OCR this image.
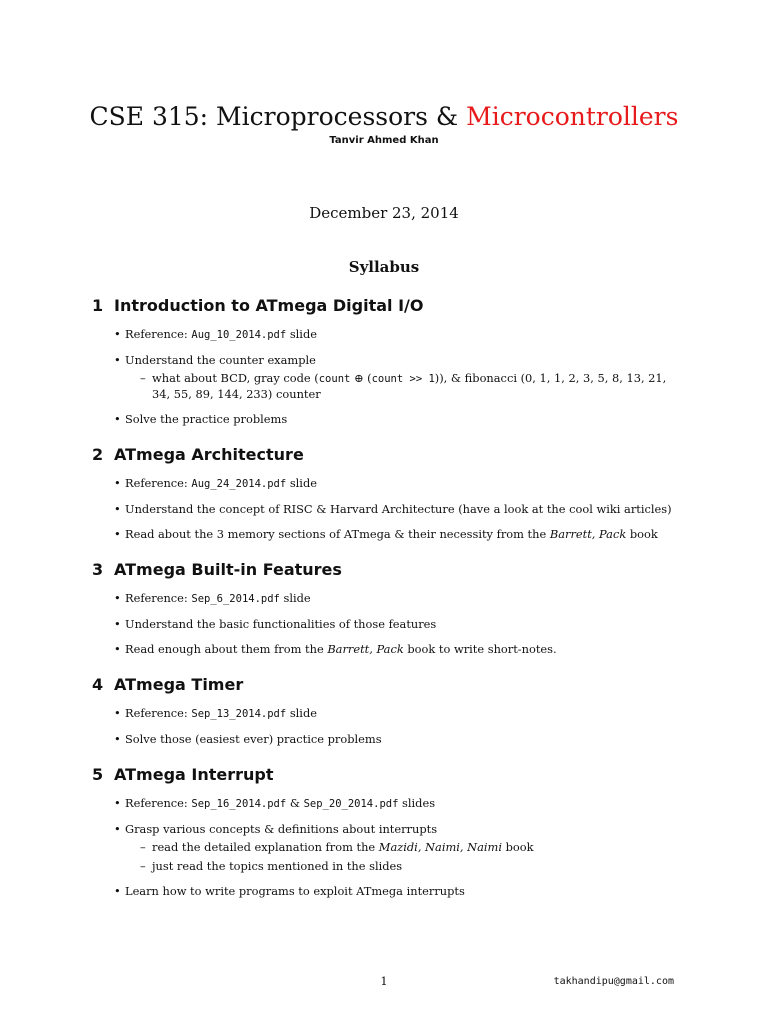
CSE 315: Microprocessors & Microcontrollers
Tanvir Ahmed Khan
December 23, 2014
Syllabus
1 Introduction to ATmega Digital I/O
• Reference: Aug_10_2014.pdf slide
• Understand the counter example
– what about BCD, gray code (count ⊕ (count >> 1)), & fibonacci (0, 1, 1, 2, 3, 5, 8, 13, 21, 34, 55, 89, 144, 233) counter
• Solve the practice problems
2 ATmega Architecture
• Reference: Aug_24_2014.pdf slide
• Understand the concept of RISC & Harvard Architecture (have a look at the cool wiki articles)
• Read about the 3 memory sections of ATmega & their necessity from the Barrett, Pack book
3 ATmega Built-in Features
• Reference: Sep_6_2014.pdf slide
• Understand the basic functionalities of those features
• Read enough about them from the Barrett, Pack book to write short-notes.
4 ATmega Timer
• Reference: Sep_13_2014.pdf slide
• Solve those (easiest ever) practice problems
5 ATmega Interrupt
• Reference: Sep_16_2014.pdf & Sep_20_2014.pdf slides
• Grasp various concepts & definitions about interrupts
– read the detailed explanation from the Mazidi, Naimi, Naimi book
– just read the topics mentioned in the slides
• Learn how to write programs to exploit ATmega interrupts
1	takhandipu@gmail.com
